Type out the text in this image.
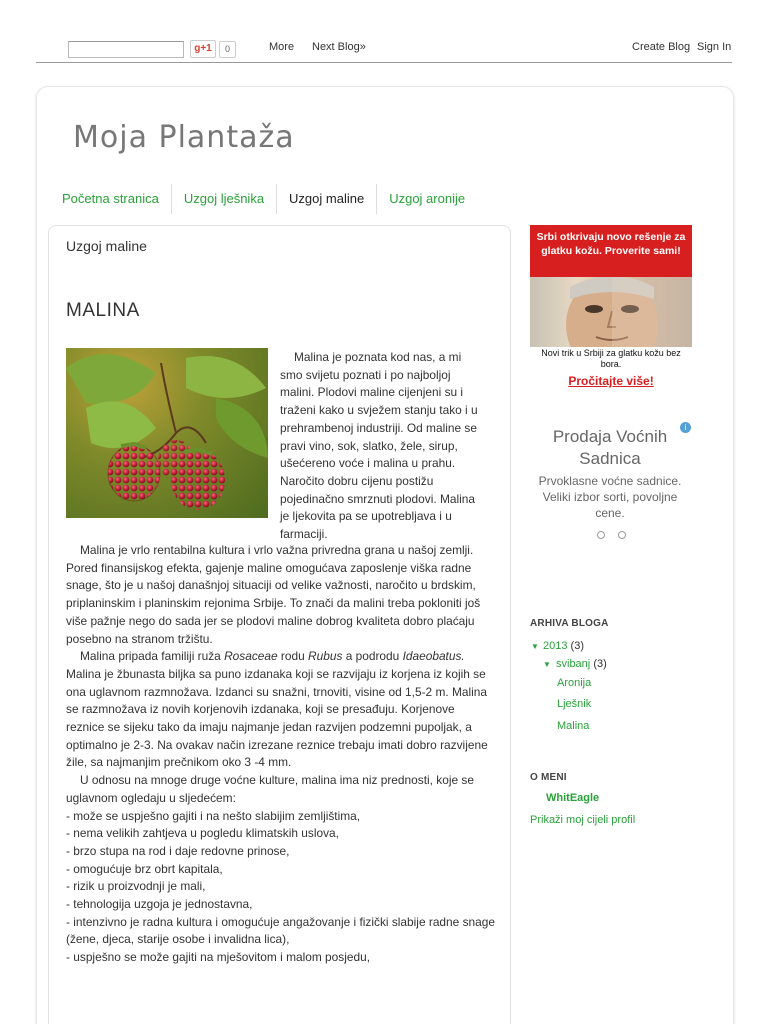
g+1	0	More Next Blog»	Create Blog Sign In
Moja Plantaža
Početna stranica	Uzgoj lješnika	Uzgoj maline	Uzgoj aronije
Uzgoj maline
MALINA
Malina je poznata kod nas, a mi smo svijetu poznati i po najboljoj malini. Plodovi maline cijenjeni su i traženi kako u svježem stanju tako i u prehrambenoj industriji. Od maline se pravi vino, sok, slatko, želе, sirup, ušećereno voće i malina u prahu. Naročito dobru cijenu postižu pojedinačno smrznuti plodovi. Malina je ljekovita pa se upotrebljava i u farmaciji.

Malina je vrlo rentabilna kultura i vrlo važna privredna grana u našoj zemlji. Pored finansijskog efekta, gajenje maline omogućava zaposlenje viška radne snage, što je u našoj današnjoj situaciji od velike važnosti, naročito u brdskim, priplaninskim i planinskim rejonima Srbije. To znači da malini treba pokloniti još više pažnje nego do sada jer se plodovi maline dobrog kvaliteta dobro plaćaju posebno na stranom tržištu.

Malina pripada familiji ruža Rosaceae rodu Rubus a podrodu Idaeobatus. Malina je žbunasta biljka sa puno izdanaka koji se razvijaju iz korjena iz kojih se ona uglavnom razmnožava. Izdanci su snažni, trnoviti, visine od 1,5-2 m. Malina se razmnožava iz novih korjenovih izdanaka, koji se presađuju. Korjenove reznice se sijeku tako da imaju najmanje jedan razvijen podzemni pupoljak, a optimalno je 2-3. Na ovakav način izrezane reznice trebaju imati dobro razvijene žile, sa najmanjim prečnikom oko 3 -4 mm.

U odnosu na mnoge druge voćne kulture, malina ima niz prednosti, koje se uglavnom ogledaju u sljedećem:

- može se uspješno gajiti i na nešto slabijim zemljištima,

- nema velikih zahtjeva u pogledu klimatskih uslova,

- brzo stupa na rod i daje redovne prinose,

- omogućuje brz obrt kapitala,

- rizik u proizvodnji je mali,

- tehnologija uzgoja je jednostavna,

- intenzivno je radna kultura i omogućuje angažovanje i fizički slabije radne snage (žene, djeca, starije osobe i invalidna lica),

- uspješno se može gajiti na mješovitom i malom posjedu,

Srbi otkrivaju novo rešenje za glatku kožu. Proverite sami!
Novi trik u Srbiji za glatku kožu bez bora.
Pročitajte više!
i
Prodaja Voćnih Sadnica
Prvoklasne voćne sadnice. Veliki izbor sorti, povoljne cene.
ARHIVA BLOGA
▼ 2013 (3)
▼ svibanj (3)
Aronija
Lješnik
Malina
O MENI
WhitEagle
Prikaži moj cijeli profil
